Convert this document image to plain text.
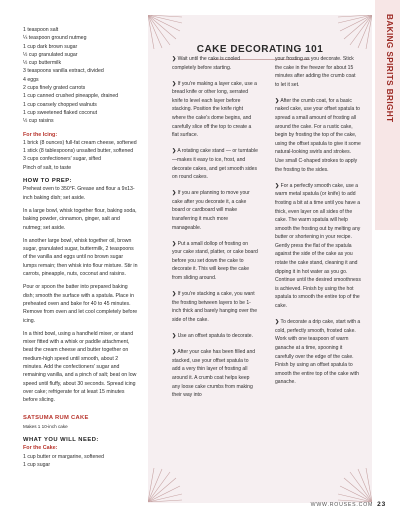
1 teaspoon salt

¼ teaspoon ground nutmeg

1 cup dark brown sugar

½ cup granulated sugar

½ cup buttermilk

3 teaspoons vanilla extract, divided

4 eggs

2 cups finely grated carrots

1 cup canned crushed pineapple, drained

1 cup coarsely chopped walnuts

1 cup sweetened flaked coconut

½ cup raisins

For the Icing:

1 brick (8 ounces) full-fat cream cheese, softened

1 stick (8 tablespoons) unsalted butter, softened

3 cups confectioners' sugar, sifted

Pinch of salt, to taste

HOW TO PREP:

Preheat oven to 350°F. Grease and flour a 9x13-inch baking dish; set aside.

In a large bowl, whisk together flour, baking soda, baking powder, cinnamon, ginger, salt and nutmeg; set aside.

In another large bowl, whisk together oil, brown sugar, granulated sugar, buttermilk, 2 teaspoons of the vanilla and eggs until no brown sugar lumps remain; then whisk into flour mixture. Stir in carrots, pineapple, nuts, coconut and raisins.

Pour or spoon the batter into prepared baking dish; smooth the surface with a spatula. Place in preheated oven and bake for 40 to 45 minutes. Remove from oven and let cool completely before icing.

In a third bowl, using a handheld mixer, or stand mixer fitted with a whisk or paddle attachment, beat the cream cheese and butter together on medium-high speed until smooth, about 2 minutes. Add the confectioners' sugar and remaining vanilla, and a pinch of salt; beat on low speed until fluffy, about 30 seconds. Spread icing over cake; refrigerate for at least 15 minutes before slicing.

SATSUMA RUM CAKE

Makes 1 10-inch cake

WHAT YOU WILL NEED:

For the Cake:

1 cup butter or margarine, softened

1 cup sugar

CAKE DECORATING 101

❯ Wait until the cake is cooled completely before starting.

❯ If you're making a layer cake, use a bread knife or other long, serrated knife to level each layer before stacking. Position the knife right where the cake's dome begins, and carefully slice off the top to create a flat surface.

❯ A rotating cake stand — or turntable —makes it easy to ice, frost, and decorate cakes, and get smooth sides on round cakes.

❯ If you are planning to move your cake after you decorate it, a cake board or cardboard will make transferring it much more manageable.

❯ Put a small dollop of frosting on your cake stand, platter, or cake board before you set down the cake to decorate it. This will keep the cake from sliding around.

❯ If you're stacking a cake, you want the frosting between layers to be 1-inch thick and barely hanging over the side of the cake.

❯ Use an offset spatula to decorate.

❯ After your cake has been filled and stacked, use your offset spatula to add a very thin layer of frosting all around it. A crumb coat helps keep any loose cake crumbs from making their way into

your frosting as you decorate. Stick the cake in the freezer for about 15 minutes after adding the crumb coat to let it set.

❯ After the crumb coat, for a basic naked cake, use your offset spatula to spread a small amount of frosting all around the cake. For a rustic cake, begin by frosting the top of the cake, using the offset spatula to give it some natural-looking swirls and strokes. Use small C-shaped strokes to apply the frosting to the sides.

❯ For a perfectly smooth cake, use a warm metal spatula (or knife) to add frosting a bit at a time until you have a thick, even layer on all sides of the cake. The warm spatula will help smooth the frosting out by melting any butter or shortening in your recipe. Gently press the flat of the spatula against the side of the cake as you rotate the cake stand, cleaning it and dipping it in hot water as you go. Continue until the desired smoothness is achieved. Finish by using the hot spatula to smooth the entire top of the cake.

❯ To decorate a drip cake, start with a cold, perfectly smooth, frosted cake. Work with one teaspoon of warm ganache at a time, spooning it carefully over the edge of the cake. Finish by using an offset spatula to smooth the entire top of the cake with ganache.

BAKING SPIRITS BRIGHT
WWW.ROUSES.COM 23
